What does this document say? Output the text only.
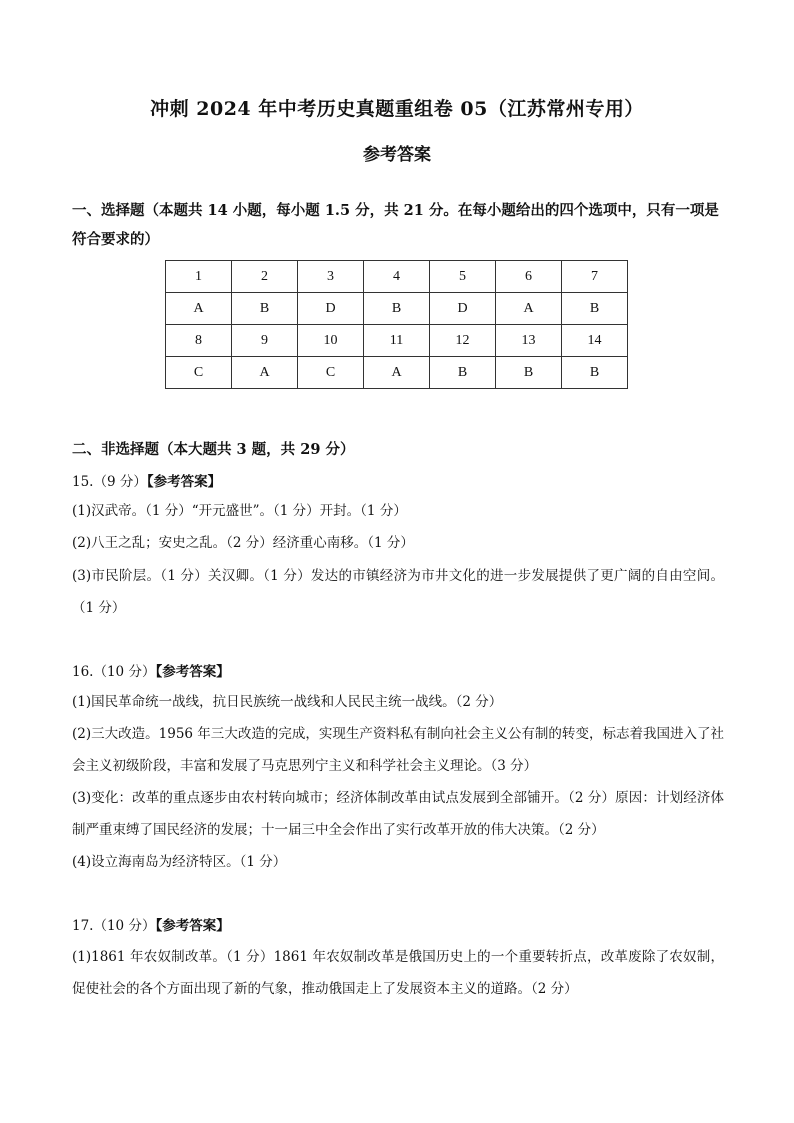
冲刺 2024 年中考历史真题重组卷 05（江苏常州专用）
参考答案
一、选择题（本题共 14 小题，每小题 1.5 分，共 21 分。在每小题给出的四个选项中，只有一项是符合要求的）
1	2	3	4	5	6	7
A	B	D	B	D	A	B
8	9	10	11	12	13	14
C	A	C	A	B	B	B
二、非选择题（本大题共 3 题，共 29 分）
15.（9 分）【参考答案】
(1)汉武帝。（1 分）“开元盛世”。（1 分）开封。（1 分）
(2)八王之乱；安史之乱。（2 分）经济重心南移。（1 分）
(3)市民阶层。（1 分）关汉卿。（1 分）发达的市镇经济为市井文化的进一步发展提供了更广阔的自由空间。（1 分）
16.（10 分）【参考答案】
(1)国民革命统一战线，抗日民族统一战线和人民民主统一战线。（2 分）
(2)三大改造。1956 年三大改造的完成，实现生产资料私有制向社会主义公有制的转变，标志着我国进入了社会主义初级阶段，丰富和发展了马克思列宁主义和科学社会主义理论。（3 分）
(3)变化：改革的重点逐步由农村转向城市；经济体制改革由试点发展到全部铺开。（2 分）原因：计划经济体制严重束缚了国民经济的发展；十一届三中全会作出了实行改革开放的伟大决策。（2 分）
(4)设立海南岛为经济特区。（1 分）
17.（10 分）【参考答案】
(1)1861 年农奴制改革。（1 分）1861 年农奴制改革是俄国历史上的一个重要转折点，改革废除了农奴制，促使社会的各个方面出现了新的气象，推动俄国走上了发展资本主义的道路。（2 分）
